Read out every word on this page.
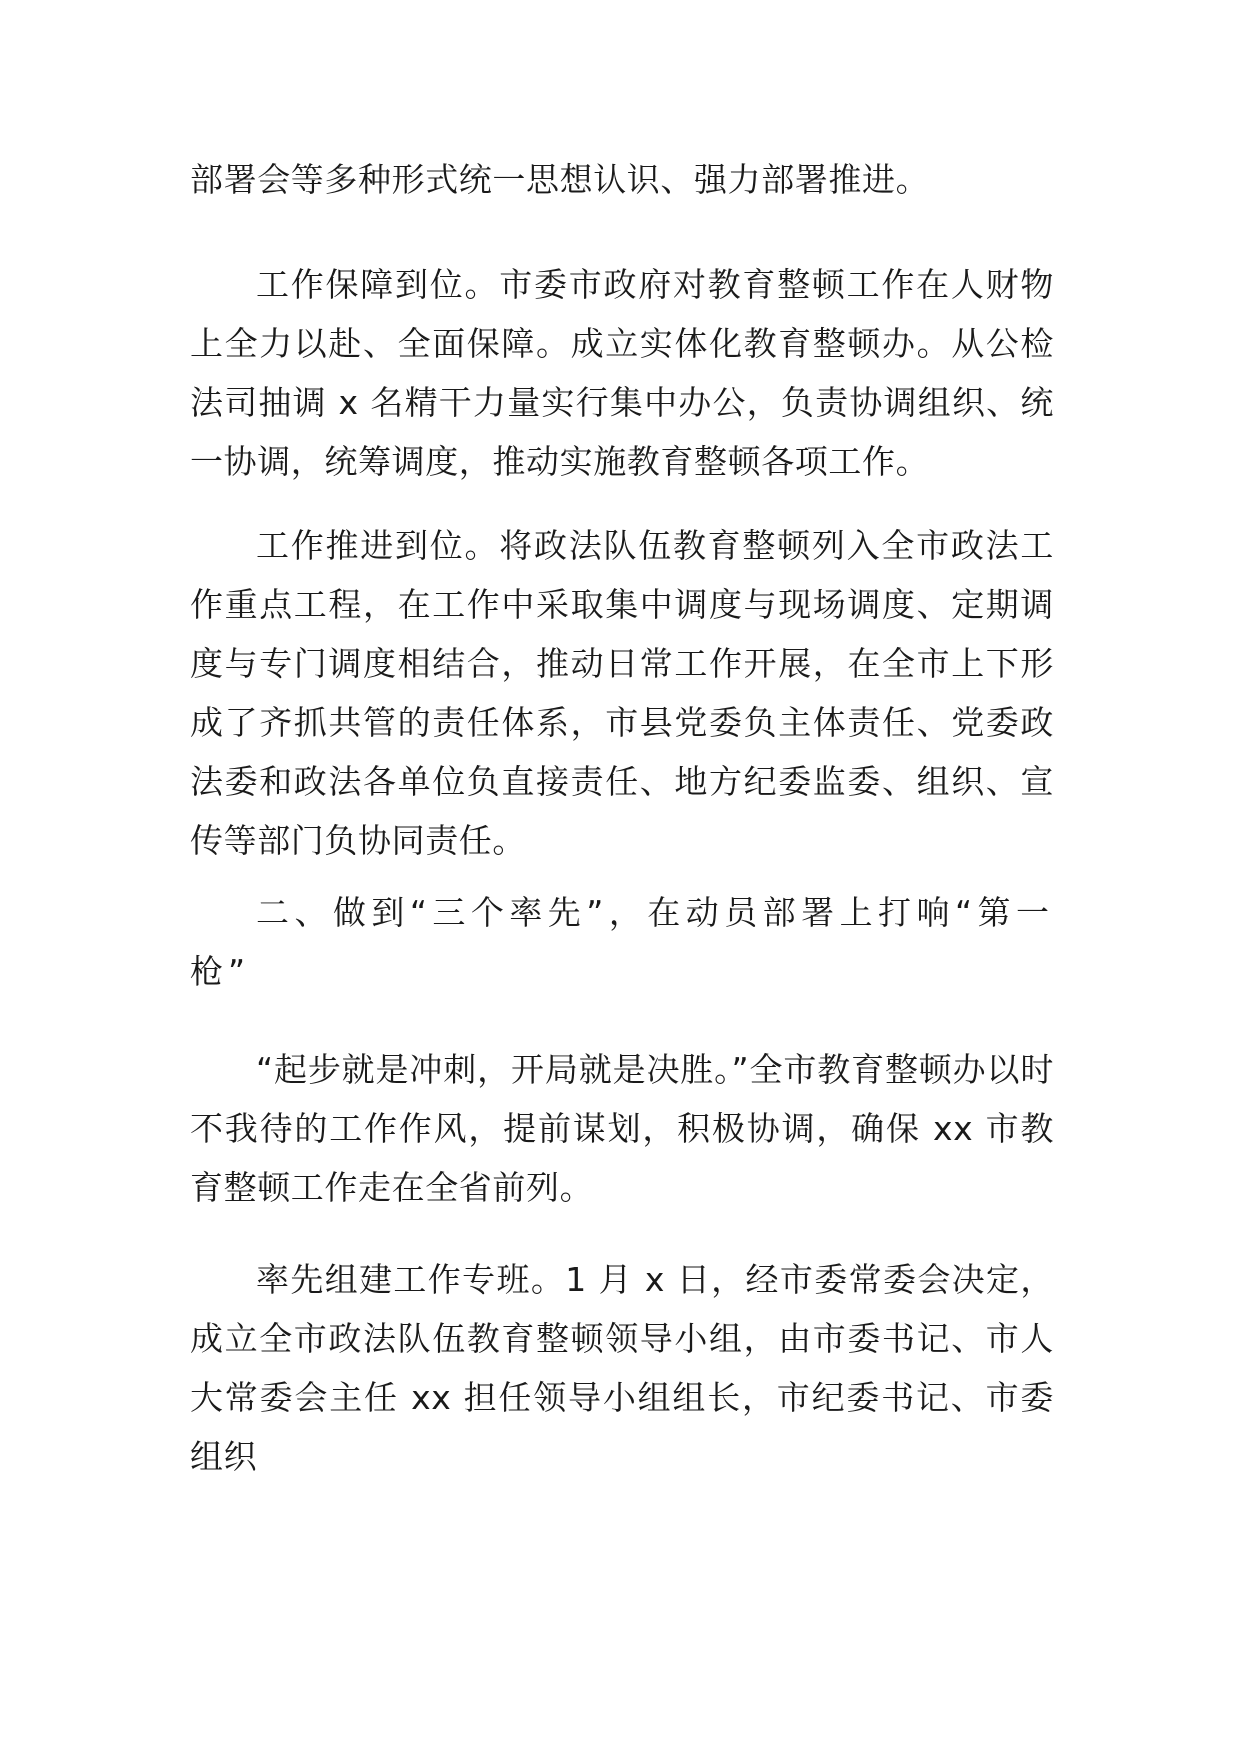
部署会等多种形式统一思想认识、强力部署推进。

工作保障到位。市委市政府对教育整顿工作在人财物上全力以赴、全面保障。成立实体化教育整顿办。从公检法司抽调 x 名精干力量实行集中办公，负责协调组织、统一协调，统筹调度，推动实施教育整顿各项工作。

工作推进到位。将政法队伍教育整顿列入全市政法工作重点工程，在工作中采取集中调度与现场调度、定期调度与专门调度相结合，推动日常工作开展，在全市上下形成了齐抓共管的责任体系，市县党委负主体责任、党委政法委和政法各单位负直接责任、地方纪委监委、组织、宣传等部门负协同责任。

二、做到“三个率先”，在动员部署上打响“第一枪”

“起步就是冲刺，开局就是决胜。”全市教育整顿办以时不我待的工作作风，提前谋划，积极协调，确保 xx 市教育整顿工作走在全省前列。

率先组建工作专班。1 月 x 日，经市委常委会决定，成立全市政法队伍教育整顿领导小组，由市委书记、市人大常委会主任 xx 担任领导小组组长，市纪委书记、市委组织
